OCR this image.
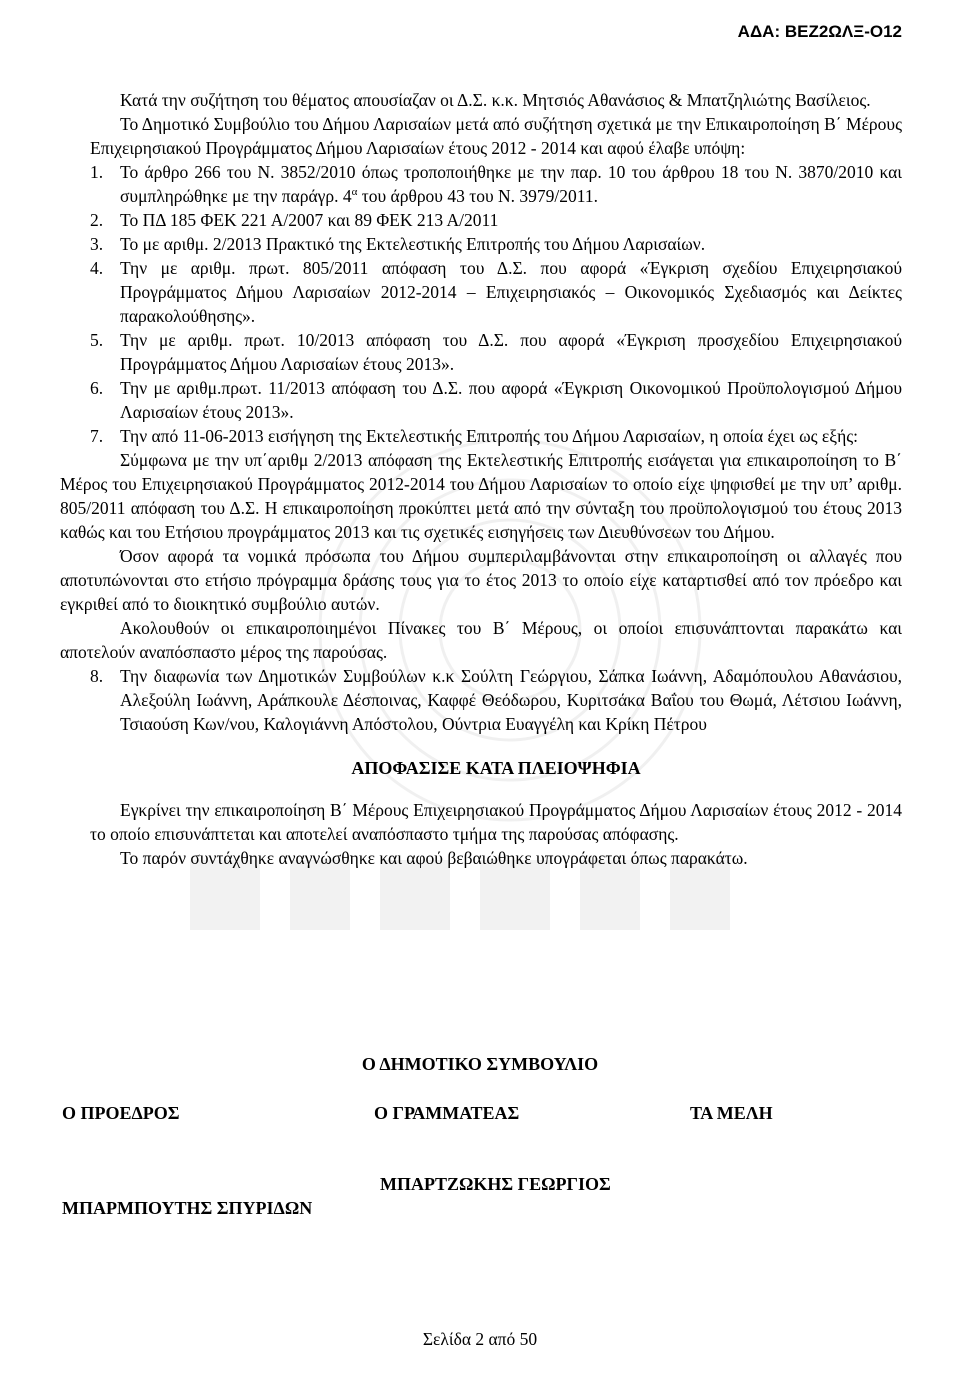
ΑΔΑ: ΒΕΖ2ΩΛΞ-Ο12

Κατά την συζήτηση του θέματος απουσίαζαν οι Δ.Σ. κ.κ. Μητσιός Αθανάσιος & Μπατζηλιώτης Βασίλειος.

Το Δημοτικό Συμβούλιο του Δήμου Λαρισαίων μετά από συζήτηση σχετικά με την Επικαιροποίηση Β΄ Μέρους Επιχειρησιακού Προγράμματος Δήμου Λαρισαίων έτους 2012 - 2014 και αφού έλαβε υπόψη:

1. Το άρθρο 266 του Ν. 3852/2010 όπως τροποποιήθηκε με την παρ. 10 του άρθρου 18 του Ν. 3870/2010 και συμπληρώθηκε με την παράγρ. $4^\alpha$ του άρθρου 43 του Ν. 3979/2011.
2. Το ΠΔ 185 ΦΕΚ 221 Α/2007 και 89 ΦΕΚ 213 Α/2011
3. Το με αριθμ. 2/2013 Πρακτικό της Εκτελεστικής Επιτροπής του Δήμου Λαρισαίων.
4. Την με αριθμ. πρωτ. 805/2011 απόφαση του Δ.Σ. που αφορά «Έγκριση σχεδίου Επιχειρησιακού Προγράμματος Δήμου Λαρισαίων 2012-2014 – Επιχειρησιακός – Οικονομικός Σχεδιασμός και Δείκτες παρακολούθησης».
5. Την με αριθμ. πρωτ. 10/2013 απόφαση του Δ.Σ. που αφορά «Έγκριση προσχεδίου Επιχειρησιακού Προγράμματος Δήμου Λαρισαίων έτους 2013».
6. Την με αριθμ.πρωτ. 11/2013 απόφαση του Δ.Σ. που αφορά «Έγκριση Οικονομικού Προϋπολογισμού Δήμου Λαρισαίων έτους 2013».
7. Την από 11-06-2013 εισήγηση της Εκτελεστικής Επιτροπής του Δήμου Λαρισαίων, η οποία έχει ως εξής:

Σύμφωνα με την υπ΄αριθμ 2/2013 απόφαση της Εκτελεστικής Επιτροπής εισάγεται για επικαιροποίηση το Β΄ Μέρος του Επιχειρησιακού Προγράμματος 2012-2014 του Δήμου Λαρισαίων το οποίο είχε ψηφισθεί με την υπ’ αριθμ. 805/2011 απόφαση του Δ.Σ. Η επικαιροποίηση προκύπτει μετά από την σύνταξη του προϋπολογισμού του έτους 2013 καθώς και του Ετήσιου προγράμματος 2013 και τις σχετικές εισηγήσεις των Διευθύνσεων του Δήμου.

Όσον αφορά τα νομικά πρόσωπα του Δήμου συμπεριλαμβάνονται στην επικαιροποίηση οι αλλαγές που αποτυπώνονται στο ετήσιο πρόγραμμα δράσης τους για το έτος 2013 το οποίο είχε καταρτισθεί από τον πρόεδρο και εγκριθεί από το διοικητικό συμβούλιο αυτών.

Ακολουθούν οι επικαιροποιημένοι Πίνακες του Β΄ Μέρους, οι οποίοι επισυνάπτονται παρακάτω και αποτελούν αναπόσπαστο μέρος της παρούσας.

8. Την διαφωνία των Δημοτικών Συμβούλων κ.κ Σούλτη Γεώργιου, Σάπκα Ιωάννη, Αδαμόπουλου Αθανάσιου, Αλεξούλη Ιωάννη, Αράπκουλε Δέσποινας, Καφφέ Θεόδωρου, Κυριτσάκα Βαΐου του Θωμά, Λέτσιου Ιωάννη, Τσιαούση Κων/νου, Καλογιάννη Απόστολου, Ούντρια Ευαγγέλη και Κρίκη Πέτρου

ΑΠΟΦΑΣΙΣΕ ΚΑΤΑ ΠΛΕΙΟΨΗΦΙΑ

Εγκρίνει την επικαιροποίηση Β΄ Μέρους Επιχειρησιακού Προγράμματος Δήμου Λαρισαίων έτους 2012 - 2014 το οποίο επισυνάπτεται και αποτελεί αναπόσπαστο τμήμα της παρούσας απόφασης.

Το παρόν συντάχθηκε αναγνώσθηκε και αφού βεβαιώθηκε υπογράφεται όπως παρακάτω.

Ο ΔΗΜΟΤΙΚΟ ΣΥΜΒΟΥΛΙΟ
Ο ΠΡΟΕΔΡΟΣ	Ο ΓΡΑΜΜΑΤΕΑΣ	ΤΑ ΜΕΛΗ
ΜΠΑΡΤΖΩΚΗΣ ΓΕΩΡΓΙΟΣ
ΜΠΑΡΜΠΟΥΤΗΣ ΣΠΥΡΙΔΩΝ
Σελίδα 2 από 50
